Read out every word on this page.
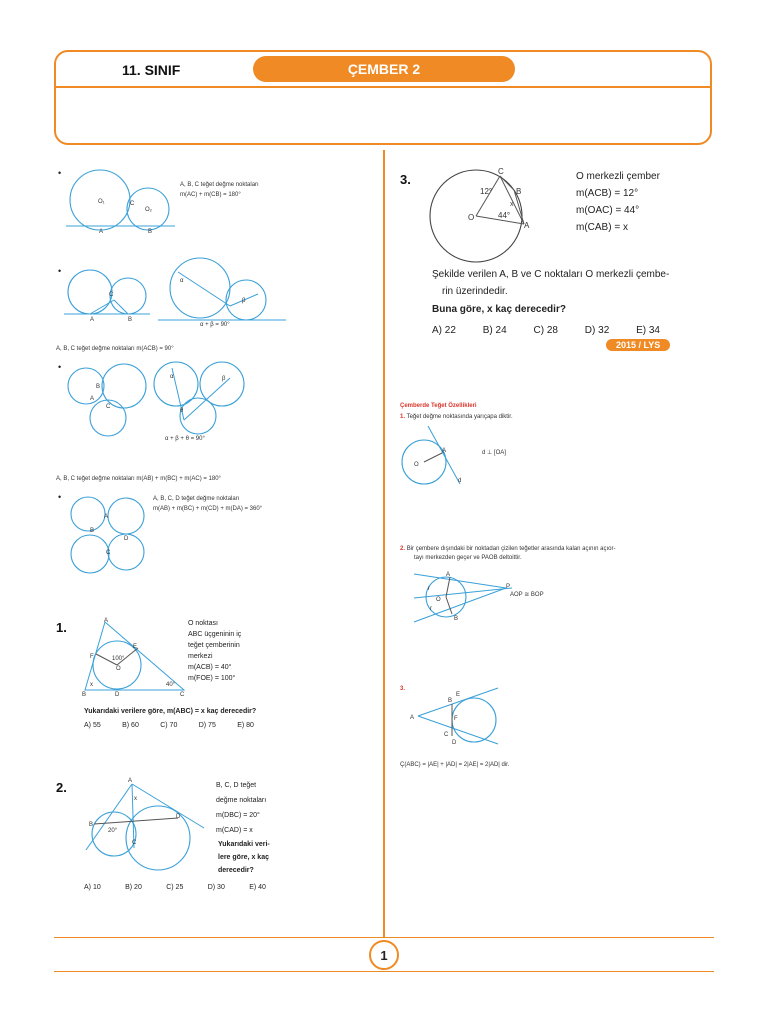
11. SINIF	ÇEMBER 2
•
O₁
O₂
C
A	B
A, B, C teğet değme noktaları
m(AC) + m(CB) = 180°
•
C
A	B
α
β
α + β = 90°
A, B, C teğet değme noktaları m(ACB) = 90°
•
B
A
C
α	β
θ
α + β + θ = 90°
A, B, C teğet değme noktaları m(AB) + m(BC) + m(AC) = 180°
•
A
B
C
D
A, B, C, D teğet değme noktaları
m(AB) + m(BC) + m(CD) + m(DA) = 360°
1.	A
F
E
100°
O
x	40°
B	D	C
O noktası
ABC üçgeninin iç
teğet çemberinin
merkezi
m(ACB) = 40°
m(FOE) = 100°
Yukarıdaki verilere göre, m(ABC) = x kaç derecedir?
A) 55	B) 60	C) 70	D) 75	E) 80
2.	A
x
B
20°
C
D
B, C, D teğet
değme noktaları
m(DBC) = 20°
m(CAD) = x
Yukarıdaki veri-
lere göre, x kaç
derecedir?
A) 10	B) 20	C) 25	D) 30	E) 40
3.
O
C
B
A
12°
44°
x
O merkezli çember
m(ACB) = 12°
m(OAC) = 44°
m(CAB) = x
Şekilde verilen A, B ve C noktaları O merkezli çembe-
rin üzerindedir.
Buna göre, x kaç derecedir?
A) 22	B) 24	C) 28	D) 32	E) 34
2015 / LYS
Çemberde Teğet Özellikleri
1. Teğet değme noktasında yarıçapa diktir.
O
A
d
d ⊥ [OA]
2. Bir çembere dışındaki bir noktadan çizilen teğetler arasında kalan açının açıor-
tayı merkezden geçer ve PAOB deltoittir.
A
r
O
r
B
P
AOP ≅ BOP
3.
A
B
E
F
C
D
Ç(ABC) = |AE| + |AD| = 2|AE| = 2|AD| dir.
1
